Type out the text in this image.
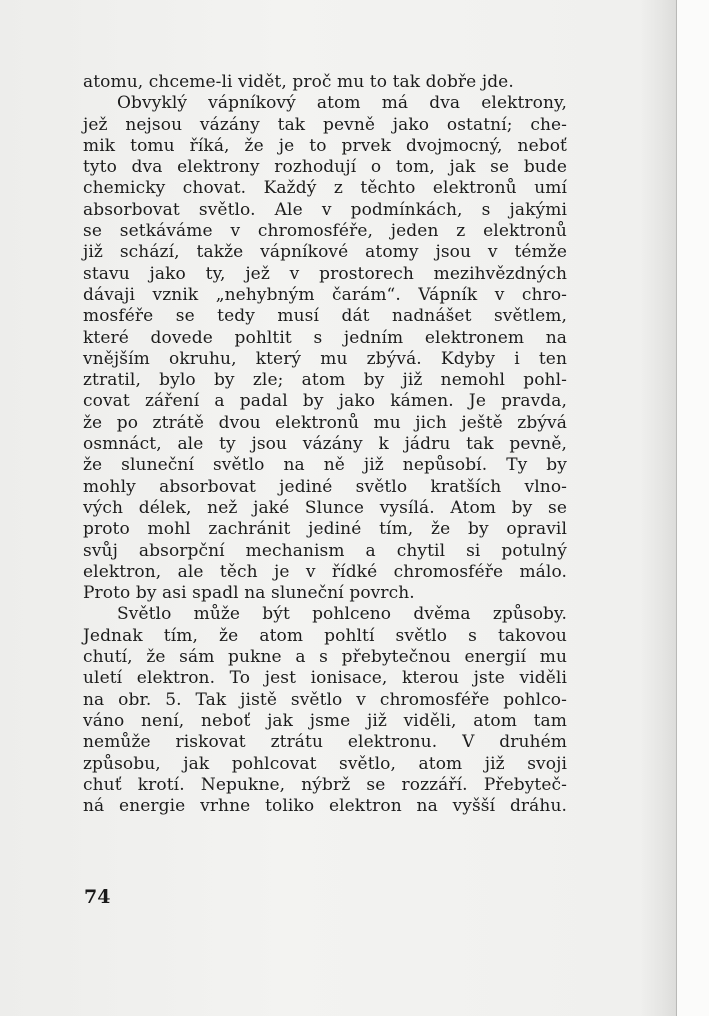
atomu, chceme-li vidět, proč mu to tak dobře jde.
Obvyklý vápníkový atom má dva elektrony,
jež nejsou vázány tak pevně jako ostatní; che-
mik tomu říká, že je to prvek dvojmocný, neboť
tyto dva elektrony rozhodují o tom, jak se bude
chemicky chovat. Každý z těchto elektronů umí
absorbovat světlo. Ale v podmínkách, s jakými
se setkáváme v chromosféře, jeden z elektronů
již schází, takže vápníkové atomy jsou v témže
stavu jako ty, jež v prostorech mezihvězdných
dávaji vznik „nehybným čarám“. Vápník v chro-
mosféře se tedy musí dát nadnášet světlem,
které dovede pohltit s jedním elektronem na
vnějším okruhu, který mu zbývá. Kdyby i ten
ztratil, bylo by zle; atom by již nemohl pohl-
covat záření a padal by jako kámen. Je pravda,
že po ztrátě dvou elektronů mu jich ještě zbývá
osmnáct, ale ty jsou vázány k jádru tak pevně,
že sluneční světlo na ně již nepůsobí. Ty by
mohly absorbovat jediné světlo kratších vlno-
vých délek, než jaké Slunce vysílá. Atom by se
proto mohl zachránit jediné tím, že by opravil
svůj absorpční mechanism a chytil si potulný
elektron, ale těch je v řídké chromosféře málo.
Proto by asi spadl na sluneční povrch.
Světlo může být pohlceno dvěma způsoby.
Jednak tím, že atom pohltí světlo s takovou
chutí, že sám pukne a s přebytečnou energií mu
uletí elektron. To jest ionisace, kterou jste viděli
na obr. 5. Tak jistě světlo v chromosféře pohlco-
váno není, neboť jak jsme již viděli, atom tam
nemůže riskovat ztrátu elektronu. V druhém
způsobu, jak pohlcovat světlo, atom již svoji
chuť krotí. Nepukne, nýbrž se rozzáří. Přebyteč-
ná energie vrhne toliko elektron na vyšší dráhu.
74
